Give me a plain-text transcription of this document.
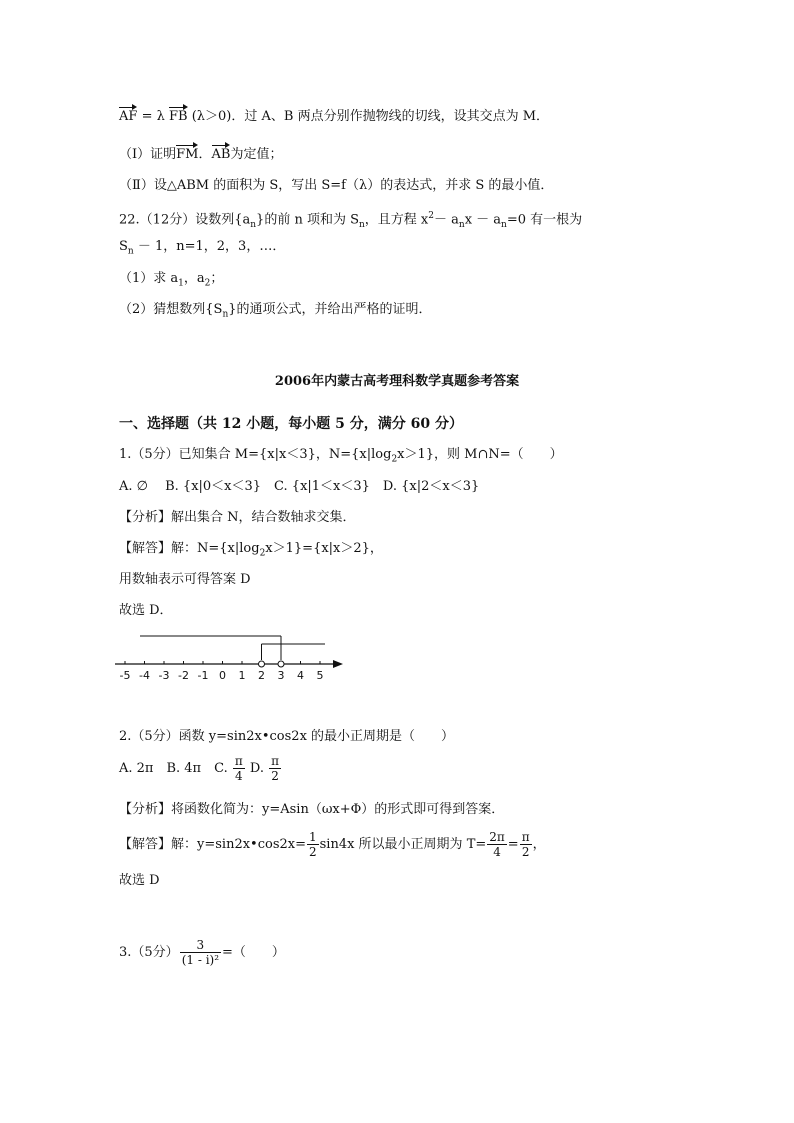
AF = λ FB (λ＞0)．过 A、B 两点分别作抛物线的切线，设其交点为 M．
（Ⅰ）证明FM．AB为定值；
（Ⅱ）设△ABM 的面积为 S，写出 S=f（λ）的表达式，并求 S 的最小值．
22.（12分）设数列$\{a_n\}$的前 n 项和为 $S_n$，且方程 $x^2- a_nx - a_n=0$ 有一根为
$S_n - 1$，n=1，2，3，…．
（1）求 $a_1$，$a_2$；
（2）猜想数列$\{S_n\}$的通项公式，并给出严格的证明．
2006年内蒙古高考理科数学真题参考答案
一、选择题（共 12 小题，每小题 5 分，满分 60 分）
1.（5分）已知集合 M={x|x＜3}，$N=\{x|\log_2x>1\}$，则 M∩N=（　　）
A. ∅　 B. {x|0＜x＜3}　C. {x|1＜x＜3}　D. {x|2＜x＜3}
【分析】解出集合 N，结合数轴求交集．
【解答】解：$N=\{x|\log_2x>1\}=\{x|x>2\}$，
用数轴表示可得答案 D
故选 D．
-5 -4 -3 -2 -1 0 1 2 3 4 5
2.（5分）函数 y=sin2x•cos2x 的最小正周期是（　　）
A. 2π　B. 4π　C. $\frac{\pi}{4} D$. $\frac{\pi}{2}$
【分析】将函数化简为：y=Asin（ωx+Φ）的形式即可得到答案．
【解答】解：y=sin2x•cos2x= $\frac{1}{2} \sin 4x$ 所以最小正周期为 $T= \frac{2\pi}{4} = \frac{\pi}{2}$ ，
故选 D
3.（5分） $\frac{3}{\text{(1 - i)²}}$ =（　　）
